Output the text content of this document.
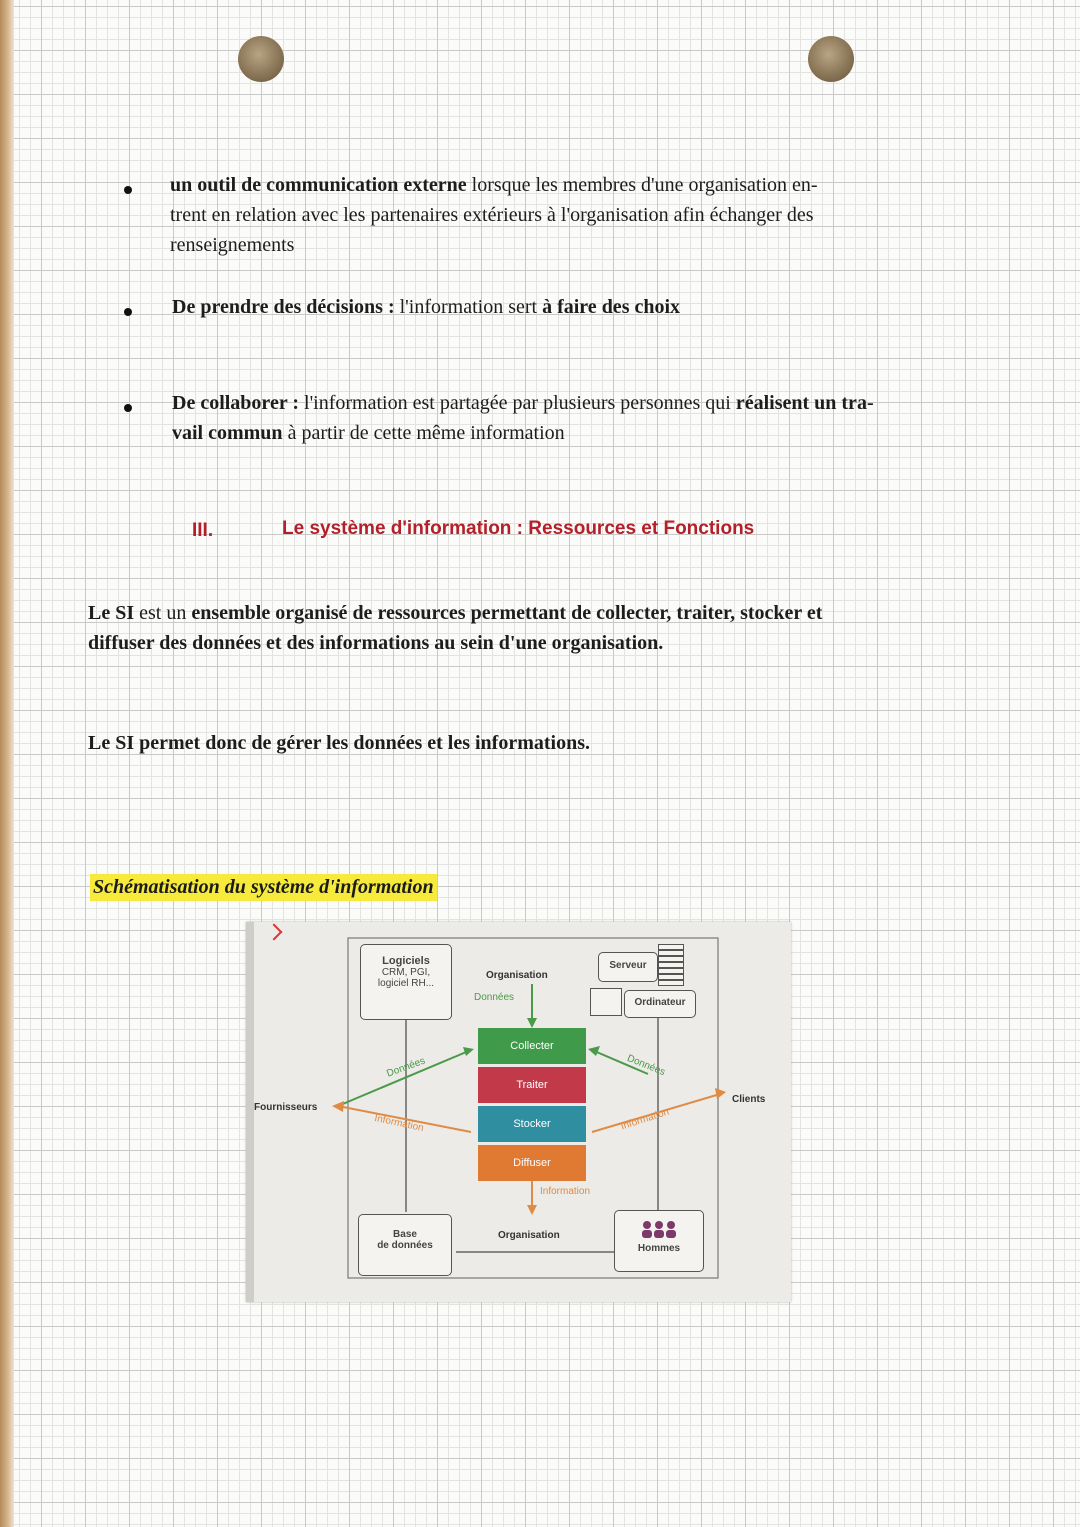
un outil de communication externe lorsque les membres d'une organisation en-
trent en relation avec les partenaires extérieurs à l'organisation afin échanger des
renseignements
De prendre des décisions : l'information sert à faire des choix
De collaborer : l'information est partagée par plusieurs personnes qui réalisent un tra-
vail commun à partir de cette même information
III.	Le système d'information : Ressources et Fonctions
Le SI est un ensemble organisé de ressources permettant de collecter, traiter, stocker et
diffuser des données et des informations au sein d'une organisation.
Le SI permet donc de gérer les données et les informations.
Schématisation du système d'information
Logiciels
CRM, PGI,
logiciel RH...
Organisation
Données
Serveur
Ordinateur
Collecter
Traiter
Stocker
Diffuser
Fournisseurs
Clients
Données
Information
Données
Information
Information
Base
de données
Organisation
Hommes
